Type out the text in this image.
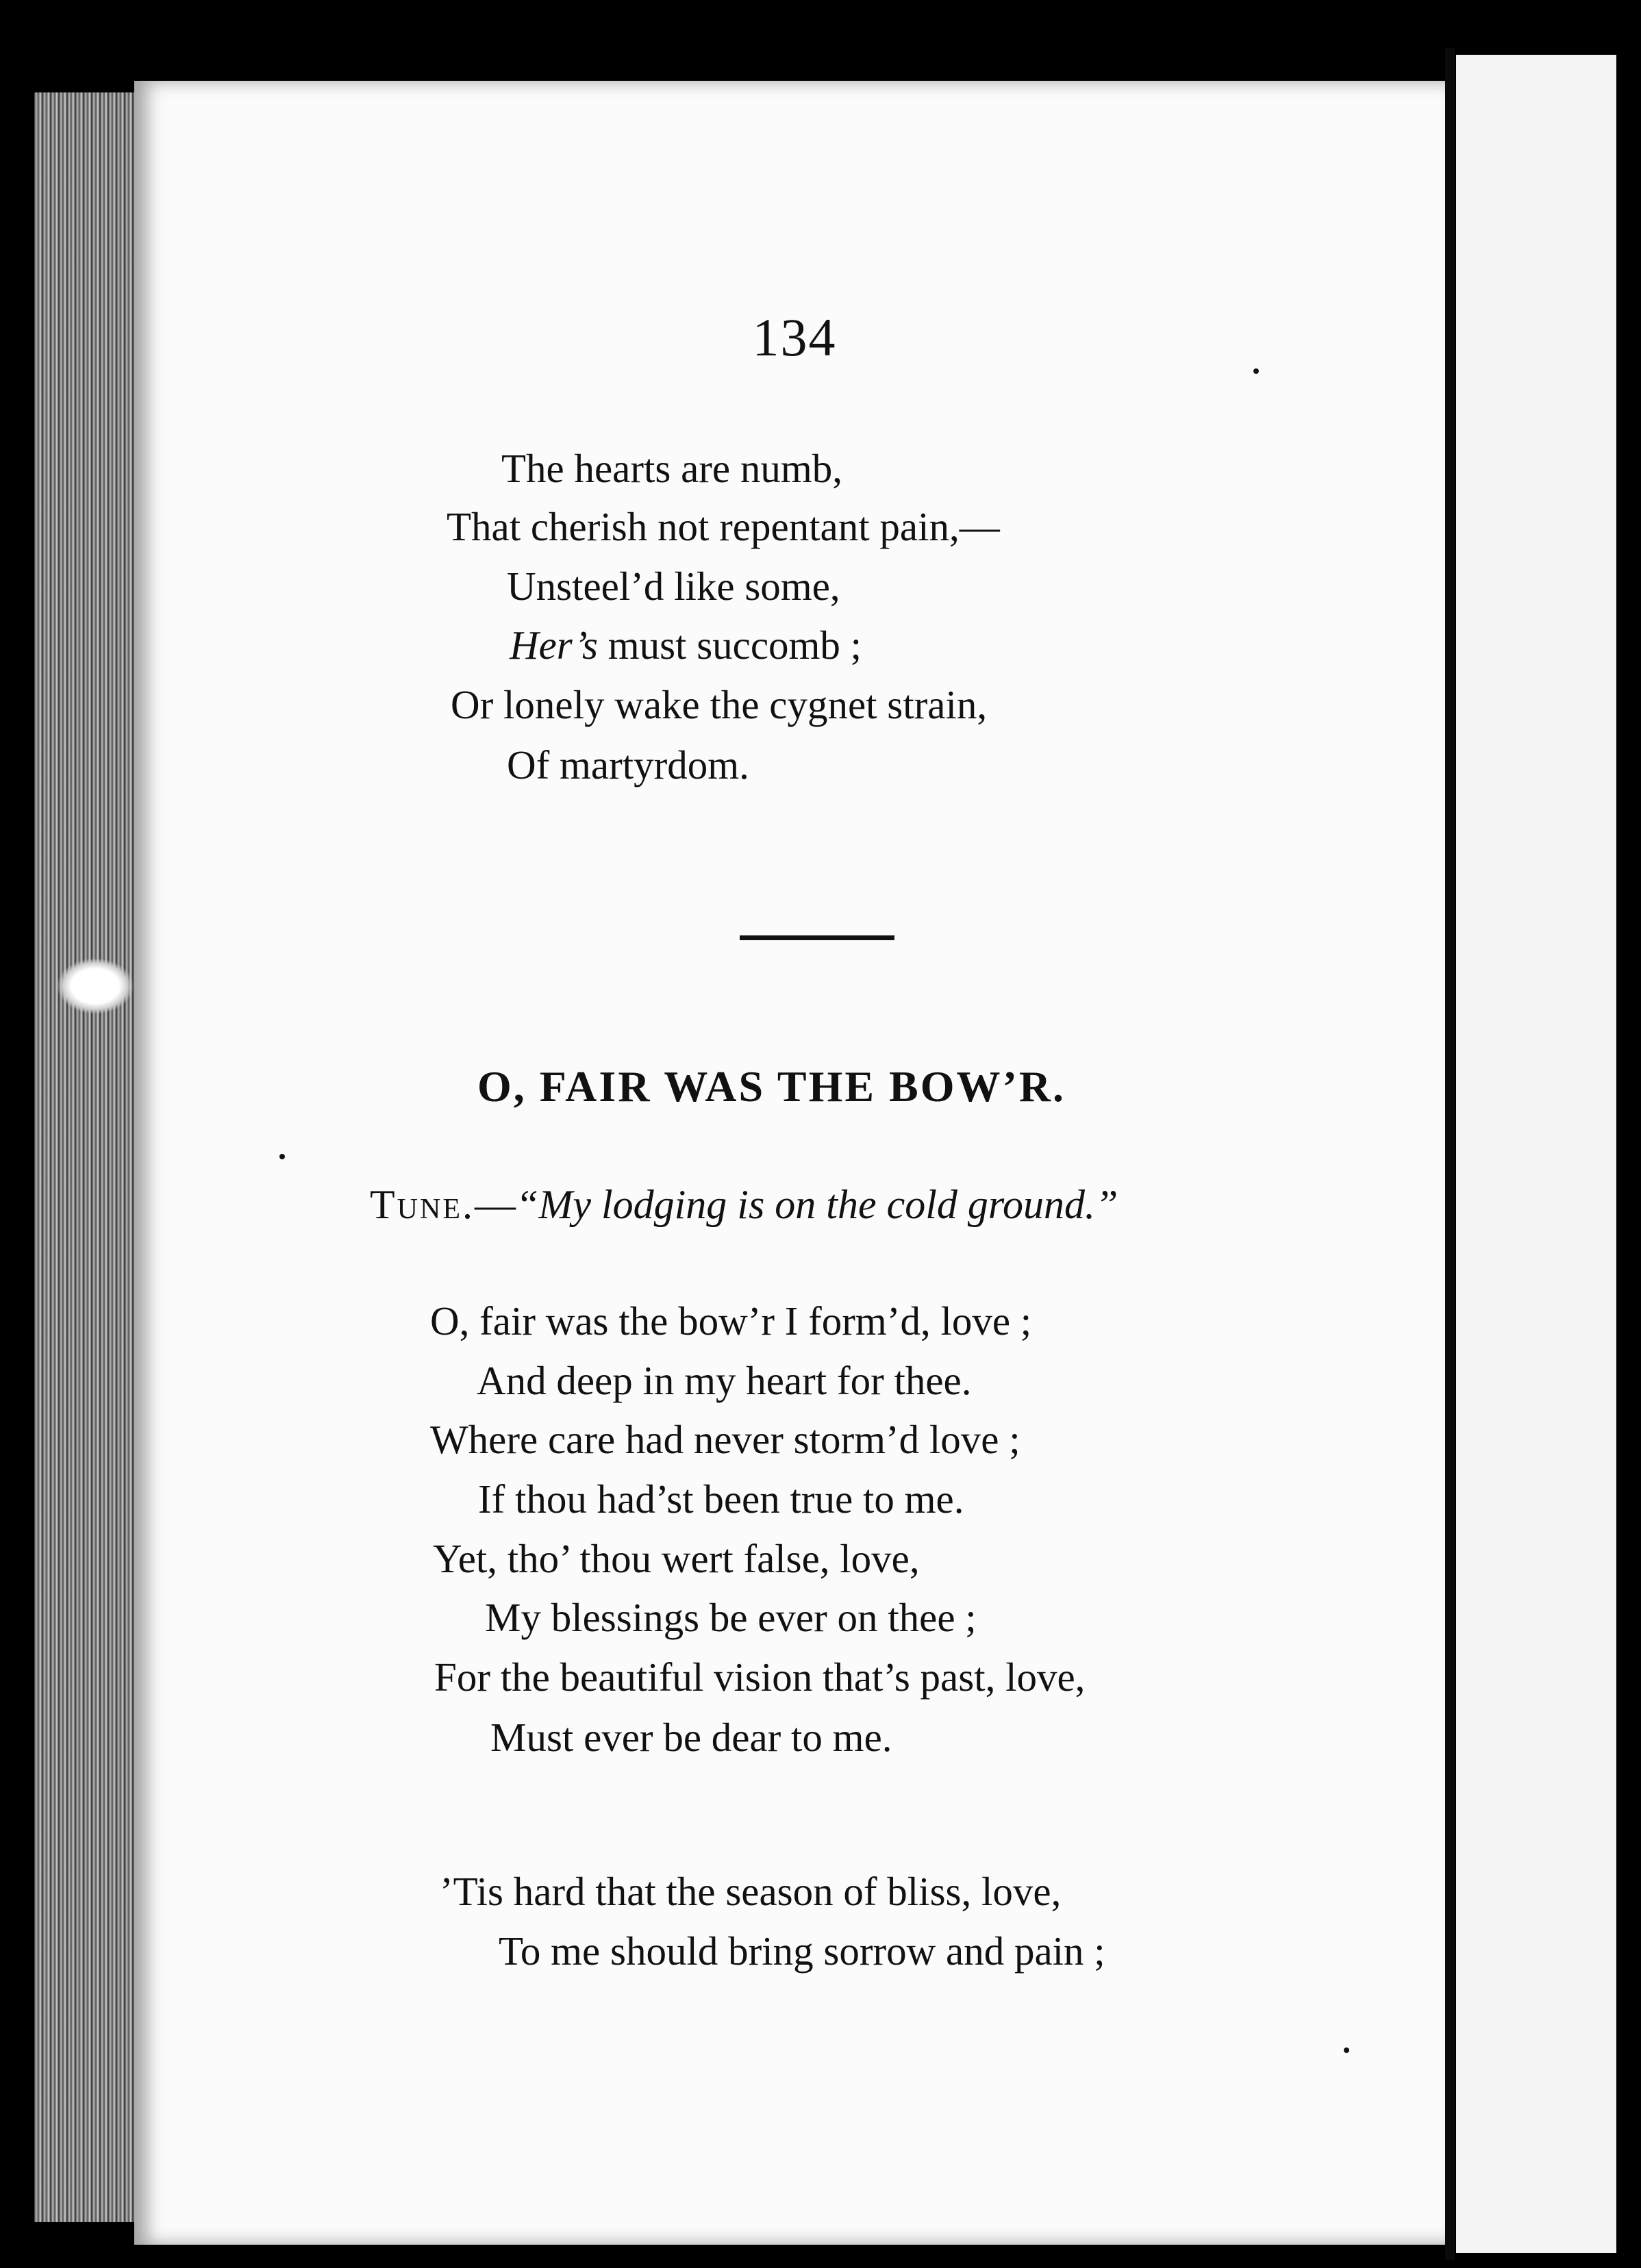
134
The hearts are numb,
That cherish not repentant pain,—
Unsteel’d like some,
Her’s must succomb ;
Or lonely wake the cygnet strain,
Of martyrdom.
O, FAIR WAS THE BOW’R.
Tune.—“My lodging is on the cold ground.”
O, fair was the bow’r I form’d, love ;
And deep in my heart for thee.
Where care had never storm’d love ;
If thou had’st been true to me.
Yet, tho’ thou wert false, love,
My blessings be ever on thee ;
For the beautiful vision that’s past, love,
Must ever be dear to me.
’Tis hard that the season of bliss, love,
To me should bring sorrow and pain ;
